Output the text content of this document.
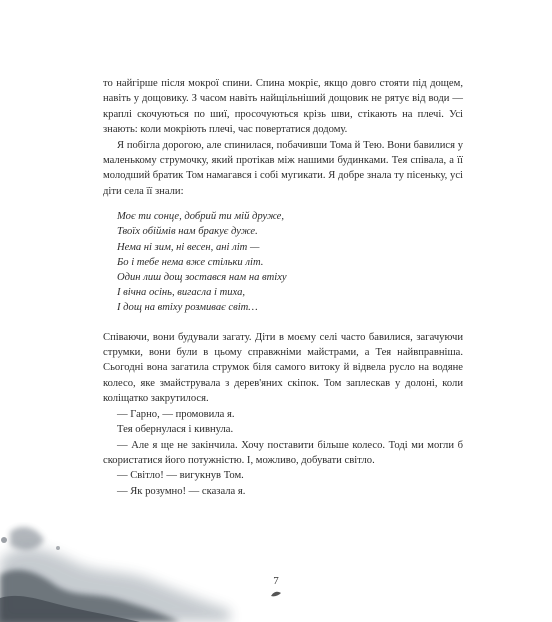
то найгірше після мокрої спини. Спина мокріє, якщо довго стояти під дощем, навіть у дощовику. З часом навіть найщільніший дощовик не рятує від води — краплі скочуються по шиї, просочуються крізь шви, стікають на плечі. Усі знають: коли мокріють плечі, час повертатися додому.

Я побігла дорогою, але спинилася, побачивши Тома й Тею. Вони бавилися у маленькому струмочку, який протікав між нашими будинками. Тея співала, а її молодший братик Том намагався і собі мугикати. Я добре знала ту пісеньку, усі діти села її знали:

Моє ти сонце, добрий ти мій друже,
Твоїх обіймів нам бракує дуже.
Нема ні зим, ні весен, ані літ —
Бо і тебе нема вже стільки літ.
Один лиш дощ зостався нам на втіху
І вічна осінь, вигасла і тиха,
І дощ на втіху розмиває світ…

Співаючи, вони будували загату. Діти в моєму селі часто бавилися, загачуючи струмки, вони були в цьому справжніми майстрами, а Тея найвправніша. Сьогодні вона загатила струмок біля самого витоку й відвела русло на водяне колесо, яке змайструвала з дерев'яних скіпок. Том заплескав у долоні, коли коліщатко закрутилося.

— Гарно, — промовила я.

Тея обернулася і кивнула.

— Але я ще не закінчила. Хочу поставити більше колесо. Тоді ми могли б скористатися його потужністю. І, можливо, добувати світло.

— Світло! — вигукнув Том.

— Як розумно! — сказала я.

7
